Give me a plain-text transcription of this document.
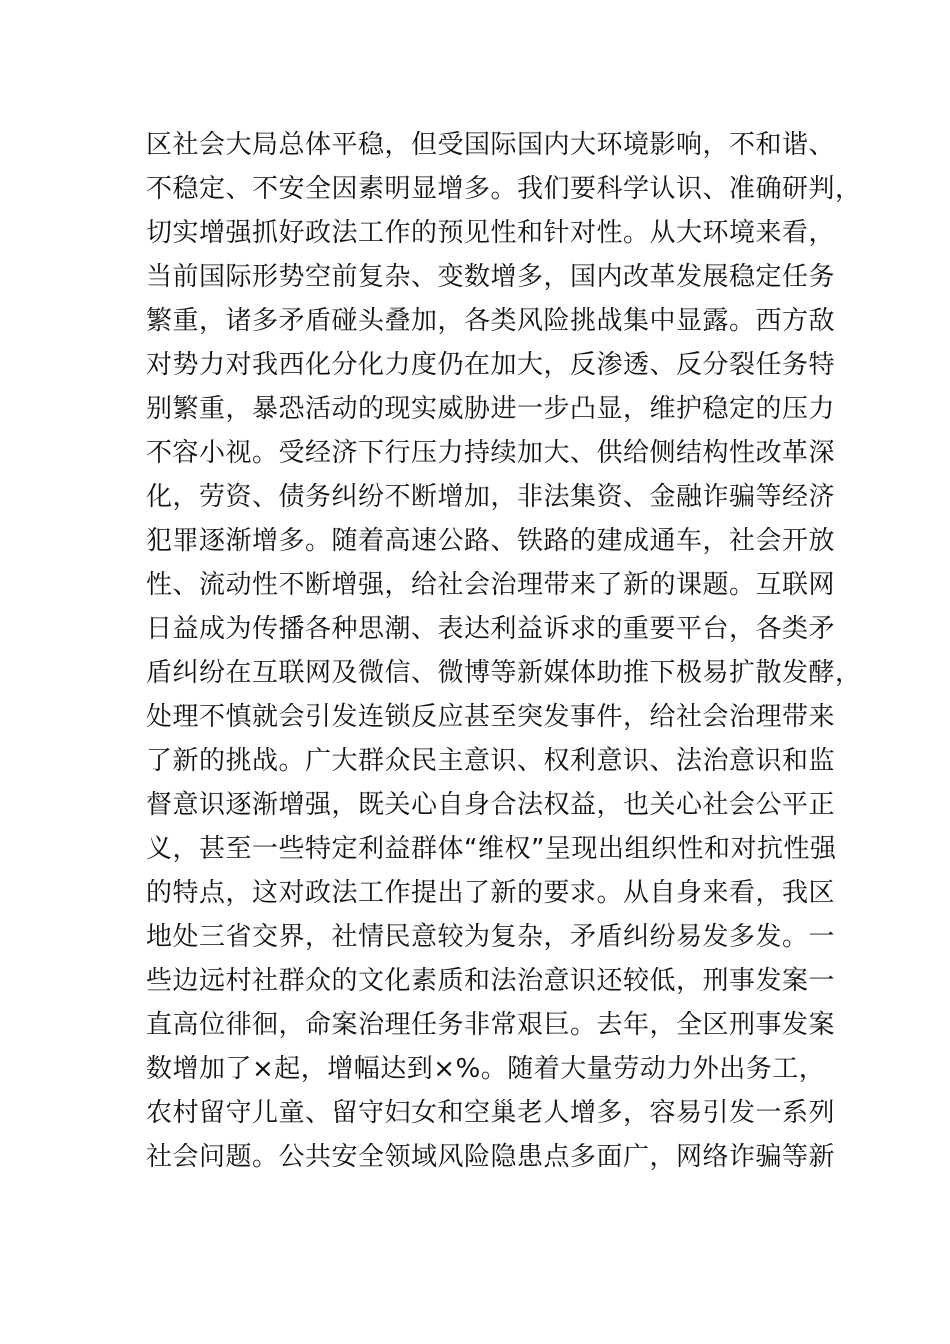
区社会大局总体平稳，但受国际国内大环境影响，不和谐、
不稳定、不安全因素明显增多。我们要科学认识、准确研判，
切实增强抓好政法工作的预见性和针对性。从大环境来看，
当前国际形势空前复杂、变数增多，国内改革发展稳定任务
繁重，诸多矛盾碰头叠加，各类风险挑战集中显露。西方敌
对势力对我西化分化力度仍在加大，反渗透、反分裂任务特
别繁重，暴恐活动的现实威胁进一步凸显，维护稳定的压力
不容小视。受经济下行压力持续加大、供给侧结构性改革深
化，劳资、债务纠纷不断增加，非法集资、金融诈骗等经济
犯罪逐渐增多。随着高速公路、铁路的建成通车，社会开放
性、流动性不断增强，给社会治理带来了新的课题。互联网
日益成为传播各种思潮、表达利益诉求的重要平台，各类矛
盾纠纷在互联网及微信、微博等新媒体助推下极易扩散发酵，
处理不慎就会引发连锁反应甚至突发事件，给社会治理带来
了新的挑战。广大群众民主意识、权利意识、法治意识和监
督意识逐渐增强，既关心自身合法权益，也关心社会公平正
义，甚至一些特定利益群体“维权”呈现出组织性和对抗性强
的特点，这对政法工作提出了新的要求。从自身来看，我区
地处三省交界，社情民意较为复杂，矛盾纠纷易发多发。一
些边远村社群众的文化素质和法治意识还较低，刑事发案一
直高位徘徊，命案治理任务非常艰巨。去年，全区刑事发案
数增加了×起，增幅达到×%。随着大量劳动力外出务工，
农村留守儿童、留守妇女和空巢老人增多，容易引发一系列
社会问题。公共安全领域风险隐患点多面广，网络诈骗等新
